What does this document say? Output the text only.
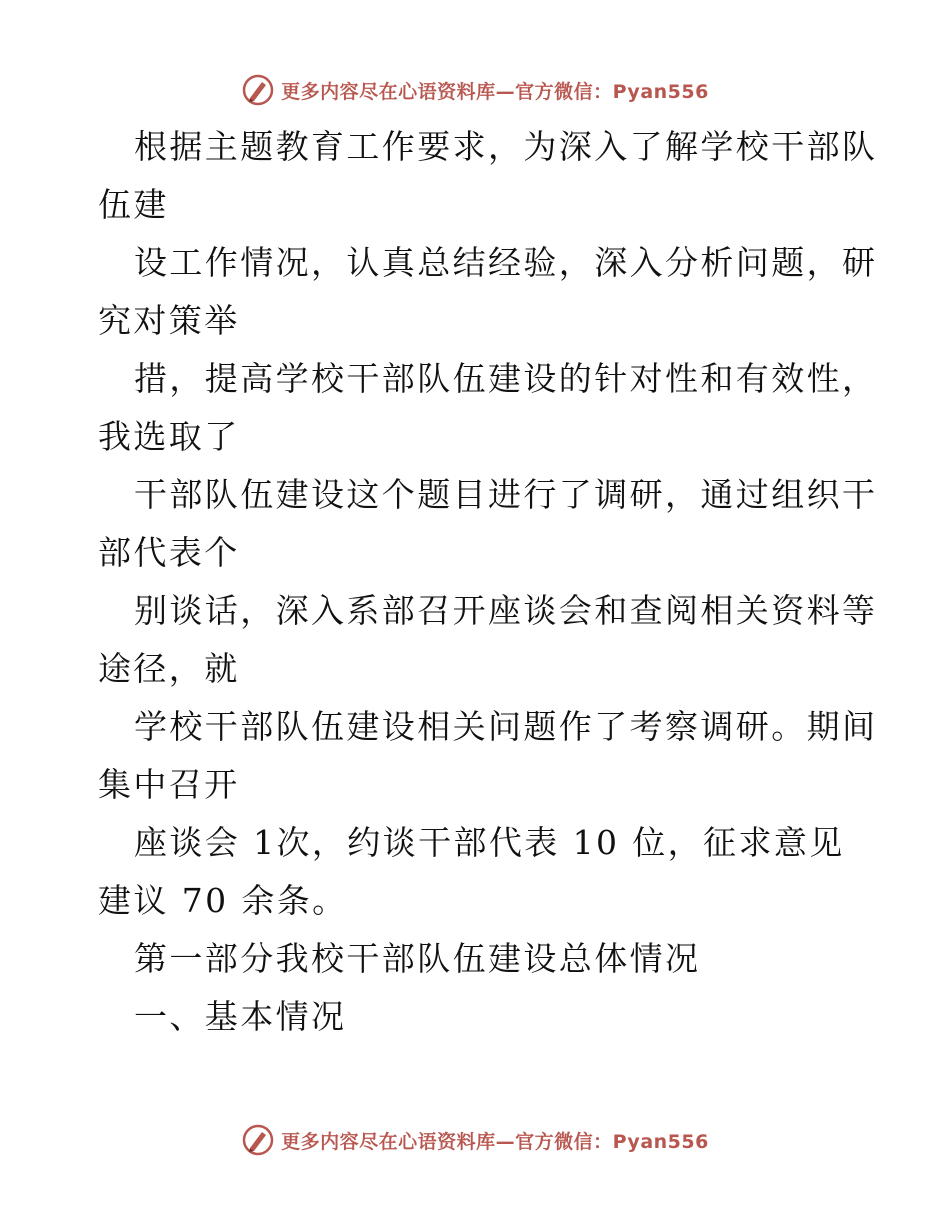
更多内容尽在心语资料库—官方微信：Pyan556
根据主题教育工作要求，为深入了解学校干部队
伍建
设工作情况，认真总结经验，深入分析问题，研
究对策举
措，提高学校干部队伍建设的针对性和有效性，
我选取了
干部队伍建设这个题目进行了调研，通过组织干
部代表个
别谈话，深入系部召开座谈会和查阅相关资料等
途径，就
学校干部队伍建设相关问题作了考察调研。期间
集中召开
座谈会 1次，约谈干部代表 10 位，征求意见
建议 70 余条。
第一部分我校干部队伍建设总体情况
一、基本情况
更多内容尽在心语资料库—官方微信：Pyan556
